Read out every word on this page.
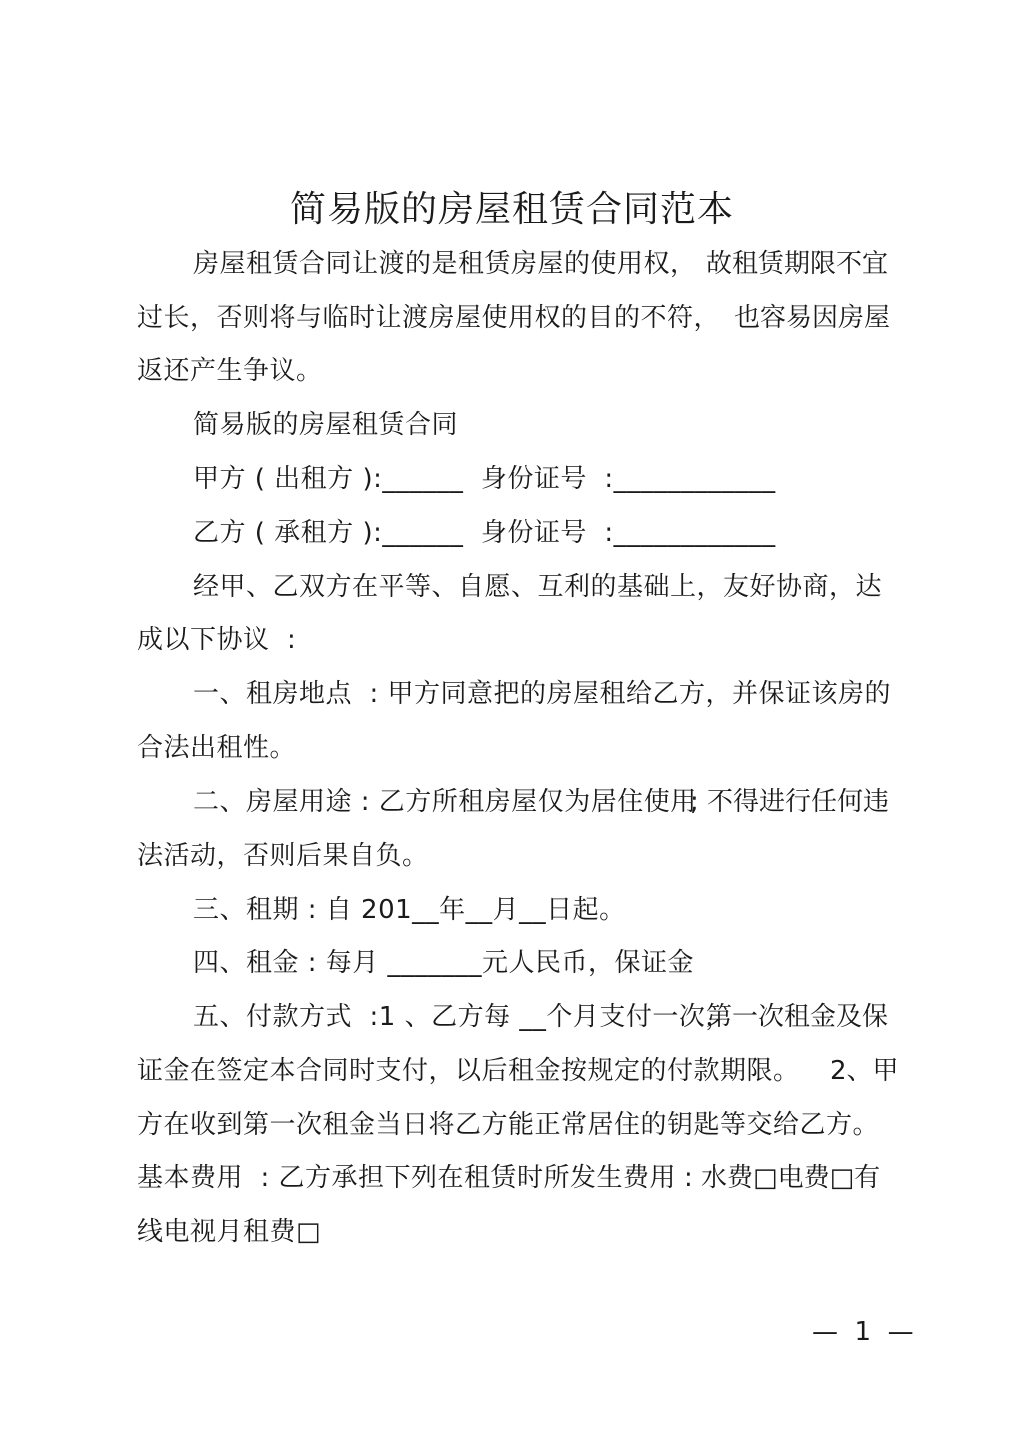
简易版的房屋租赁合同范本
房屋租赁合同让渡的是租赁房屋的使用权， 故租赁期限不宜
过长，否则将与临时让渡房屋使用权的目的不符， 也容易因房屋
返还产生争议。
简易版的房屋租赁合同
甲方 ( 出租方 ):______  身份证号  :____________
乙方 ( 承租方 ):______  身份证号  :____________
经甲、乙双方在平等、自愿、互利的基础上，友好协商，达
成以下协议  :
一、租房地点  : 甲方同意把的房屋租给乙方，并保证该房的
合法出租性。
二、房屋用途 : 乙方所租房屋仅为居住使用
; 不得进行任何违
法活动，否则后果自负。
三、租期 : 自 201__年__月__日起。
四、租金 : 每月 _______元人民币，保证金
五、付款方式  :1 、乙方每 __个月支付一次，
第一次租金及保
证金在签定本合同时支付，以后租金按规定的付款期限。 2、甲
方在收到第一次租金当日将乙方能正常居住的钥匙等交给乙方。
基本费用  : 乙方承担下列在租赁时所发生费用 : 水费□电费□有
线电视月租费□
—  1  —
